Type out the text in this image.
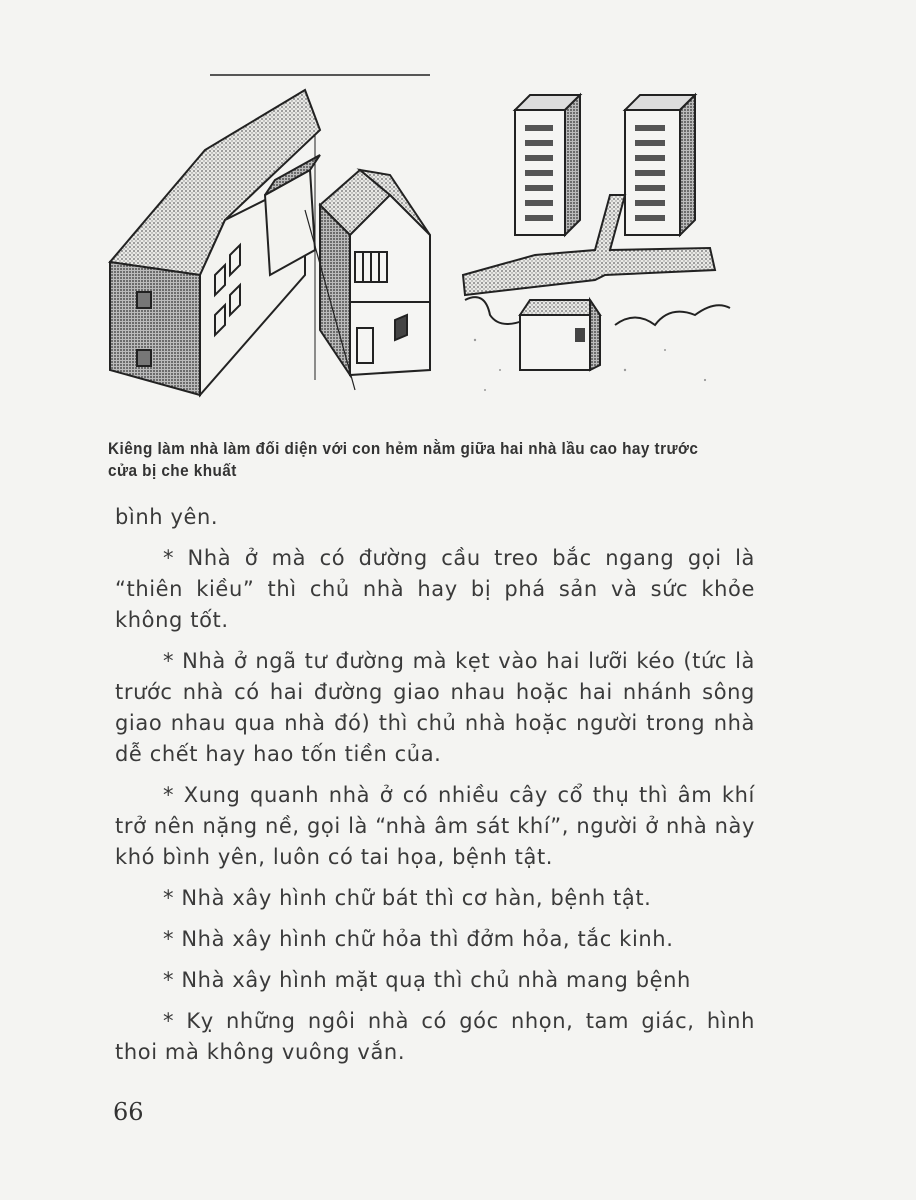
Kiêng làm nhà làm đối diện với con hẻm nằm giữa hai nhà lầu cao hay trước cửa bị che khuất

bình yên.

* Nhà ở mà có đường cầu treo bắc ngang gọi là “thiên kiều” thì chủ nhà hay bị phá sản và sức khỏe không tốt.

* Nhà ở ngã tư đường mà kẹt vào hai lưỡi kéo (tức là trước nhà có hai đường giao nhau hoặc hai nhánh sông giao nhau qua nhà đó) thì chủ nhà hoặc người trong nhà dễ chết hay hao tốn tiền của.

* Xung quanh nhà ở có nhiều cây cổ thụ thì âm khí trở nên nặng nề, gọi là “nhà âm sát khí”, người ở nhà này khó bình yên, luôn có tai họa, bệnh tật.

* Nhà xây hình chữ bát thì cơ hàn, bệnh tật.

* Nhà xây hình chữ hỏa thì đởm hỏa, tắc kinh.

* Nhà xây hình mặt quạ thì chủ nhà mang bệnh

* Kỵ những ngôi nhà có góc nhọn, tam giác, hình thoi mà không vuông vắn.

66
